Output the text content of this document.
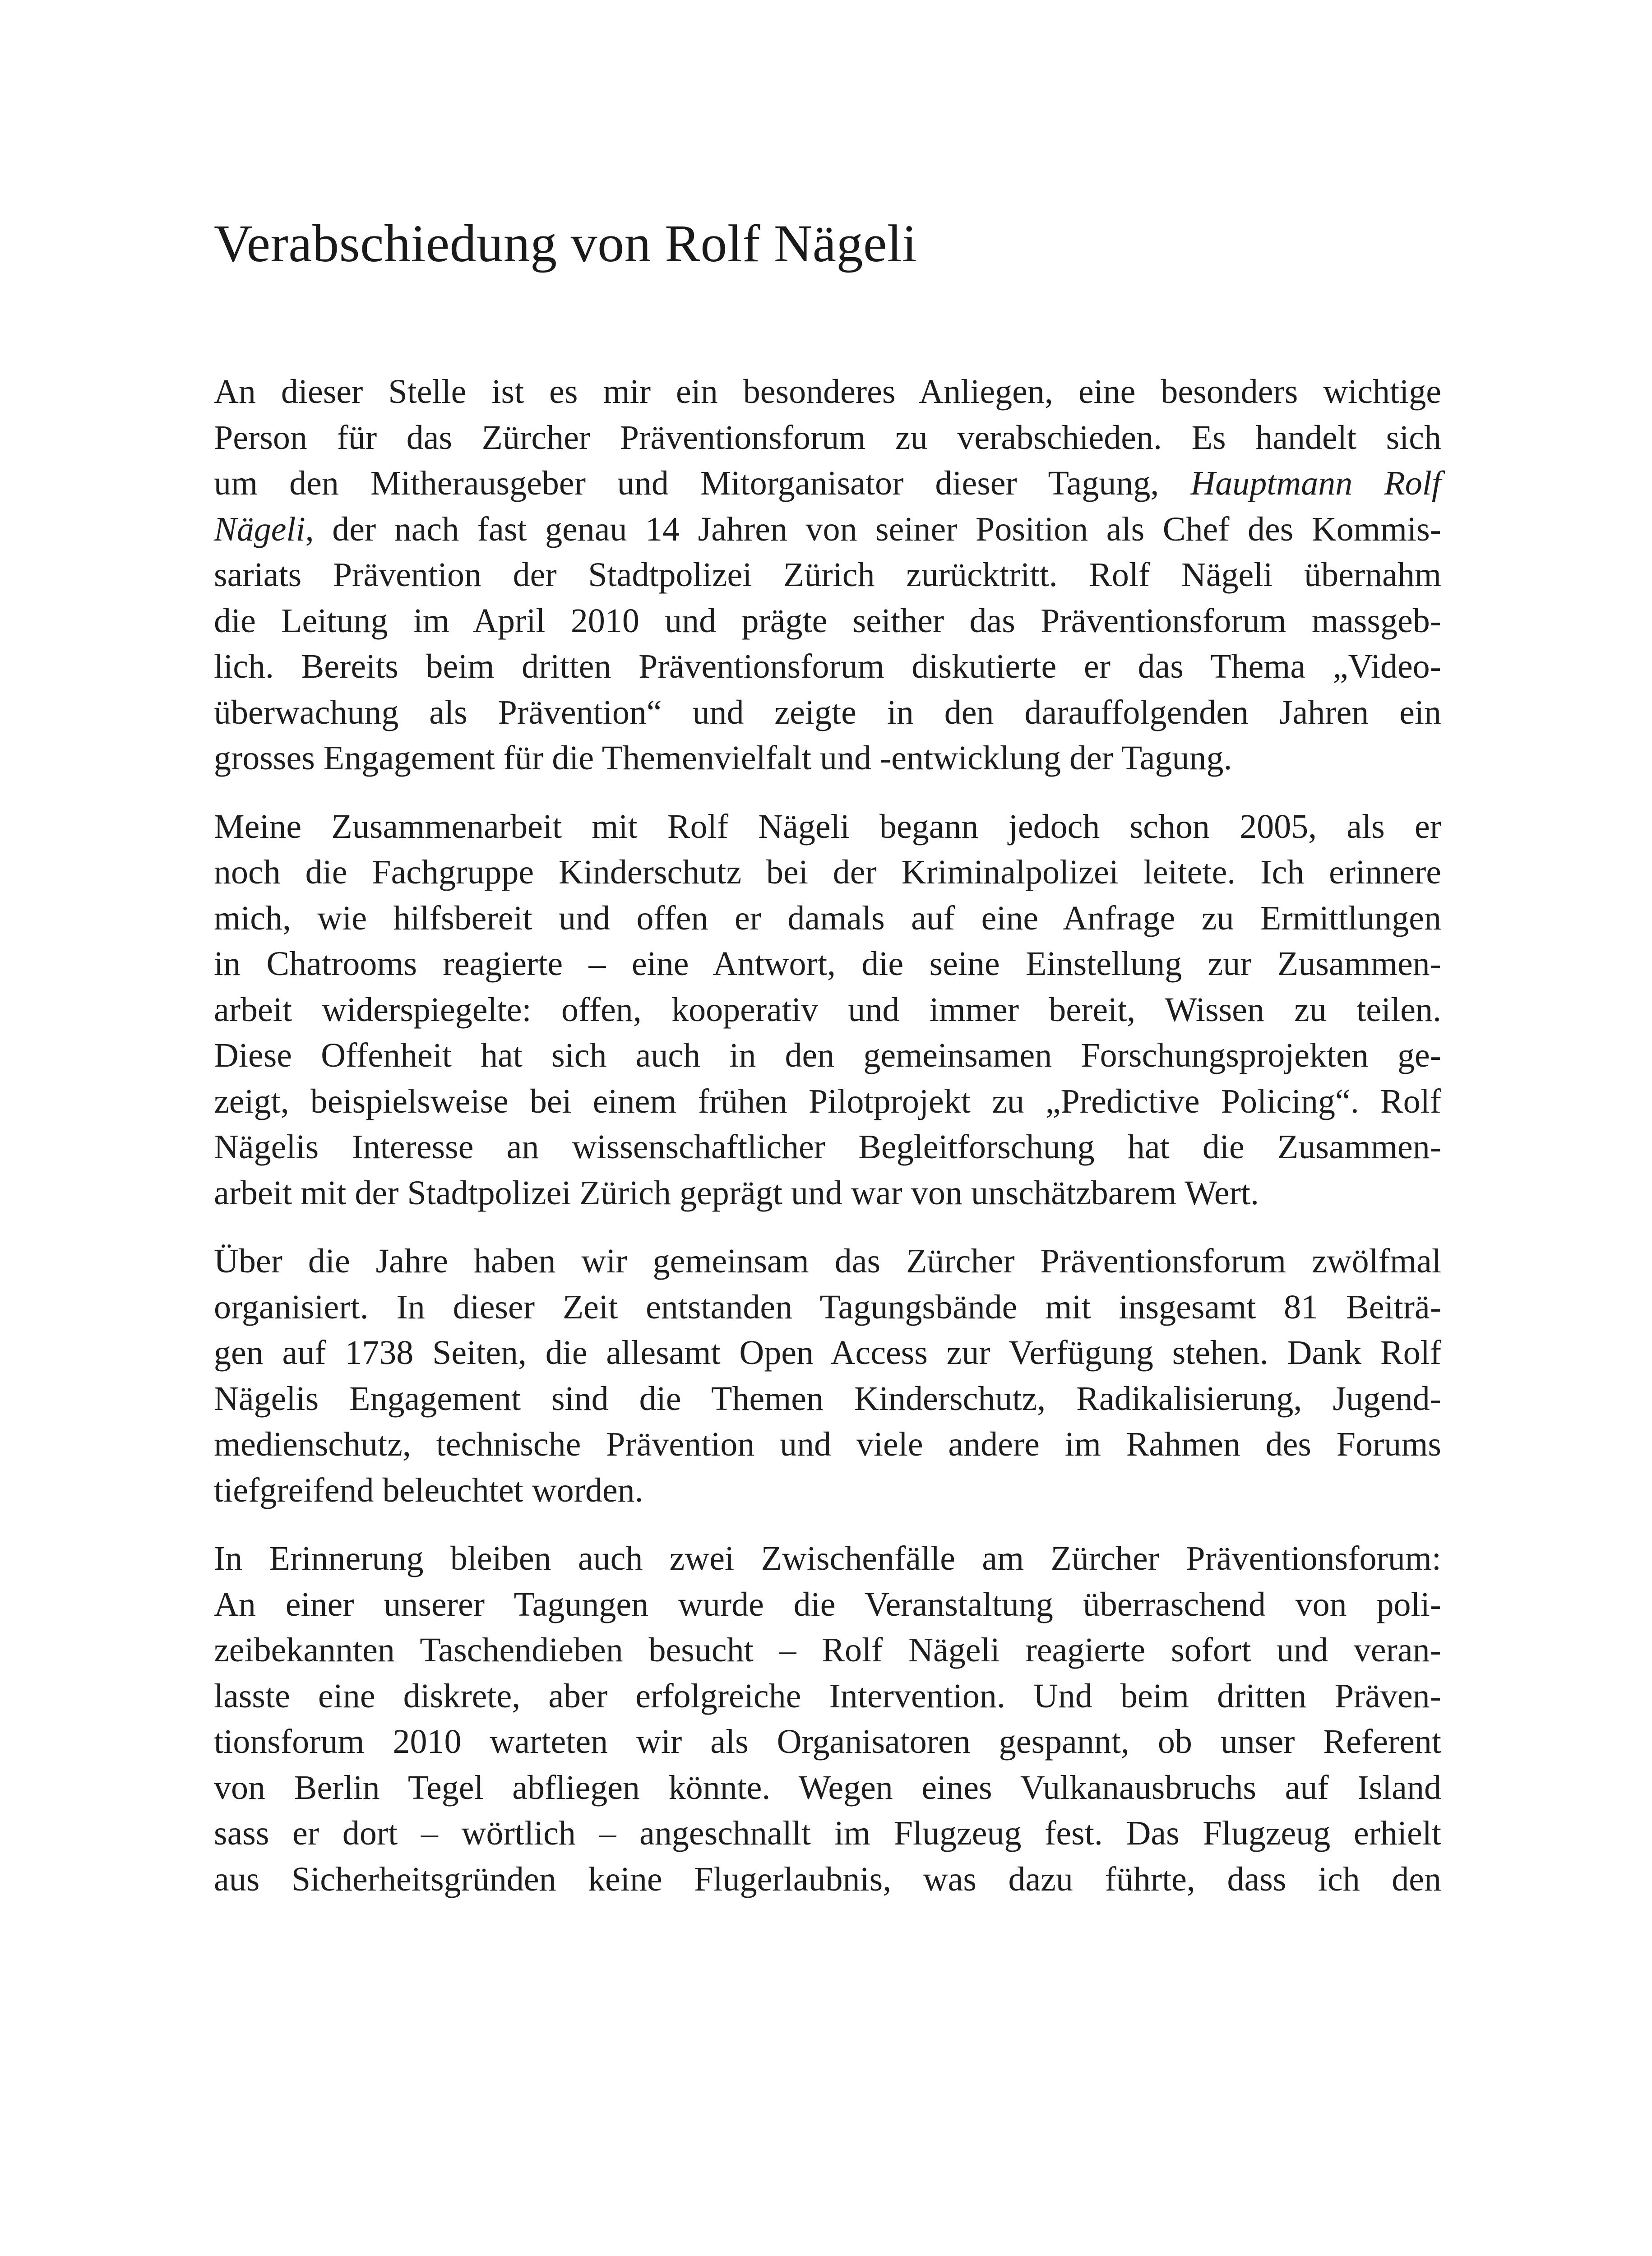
Verabschiedung von Rolf Nägeli

An dieser Stelle ist es mir ein besonderes Anliegen, eine besonders wichtige
Person für das Zürcher Präventionsforum zu verabschieden. Es handelt sich
um den Mitherausgeber und Mitorganisator dieser Tagung, Hauptmann Rolf
Nägeli, der nach fast genau 14 Jahren von seiner Position als Chef des Kommis-
sariats Prävention der Stadtpolizei Zürich zurücktritt. Rolf Nägeli übernahm
die Leitung im April 2010 und prägte seither das Präventionsforum massgeb-
lich. Bereits beim dritten Präventionsforum diskutierte er das Thema „Video-
überwachung als Prävention“ und zeigte in den darauffolgenden Jahren ein
grosses Engagement für die Themenvielfalt und -entwicklung der Tagung.

Meine Zusammenarbeit mit Rolf Nägeli begann jedoch schon 2005, als er
noch die Fachgruppe Kinderschutz bei der Kriminalpolizei leitete. Ich erinnere
mich, wie hilfsbereit und offen er damals auf eine Anfrage zu Ermittlungen
in Chatrooms reagierte – eine Antwort, die seine Einstellung zur Zusammen-
arbeit widerspiegelte: offen, kooperativ und immer bereit, Wissen zu teilen.
Diese Offenheit hat sich auch in den gemeinsamen Forschungsprojekten ge-
zeigt, beispielsweise bei einem frühen Pilotprojekt zu „Predictive Policing“. Rolf
Nägelis Interesse an wissenschaftlicher Begleitforschung hat die Zusammen-
arbeit mit der Stadtpolizei Zürich geprägt und war von unschätzbarem Wert.

Über die Jahre haben wir gemeinsam das Zürcher Präventionsforum zwölfmal
organisiert. In dieser Zeit entstanden Tagungsbände mit insgesamt 81 Beiträ-
gen auf 1738 Seiten, die allesamt Open Access zur Verfügung stehen. Dank Rolf
Nägelis Engagement sind die Themen Kinderschutz, Radikalisierung, Jugend-
medienschutz, technische Prävention und viele andere im Rahmen des Forums
tiefgreifend beleuchtet worden.

In Erinnerung bleiben auch zwei Zwischenfälle am Zürcher Präventionsforum:
An einer unserer Tagungen wurde die Veranstaltung überraschend von poli-
zeibekannten Taschendieben besucht – Rolf Nägeli reagierte sofort und veran-
lasste eine diskrete, aber erfolgreiche Intervention. Und beim dritten Präven-
tionsforum 2010 warteten wir als Organisatoren gespannt, ob unser Referent
von Berlin Tegel abfliegen könnte. Wegen eines Vulkanausbruchs auf Island
sass er dort – wörtlich – angeschnallt im Flugzeug fest. Das Flugzeug erhielt
aus Sicherheitsgründen keine Flugerlaubnis, was dazu führte, dass ich den
